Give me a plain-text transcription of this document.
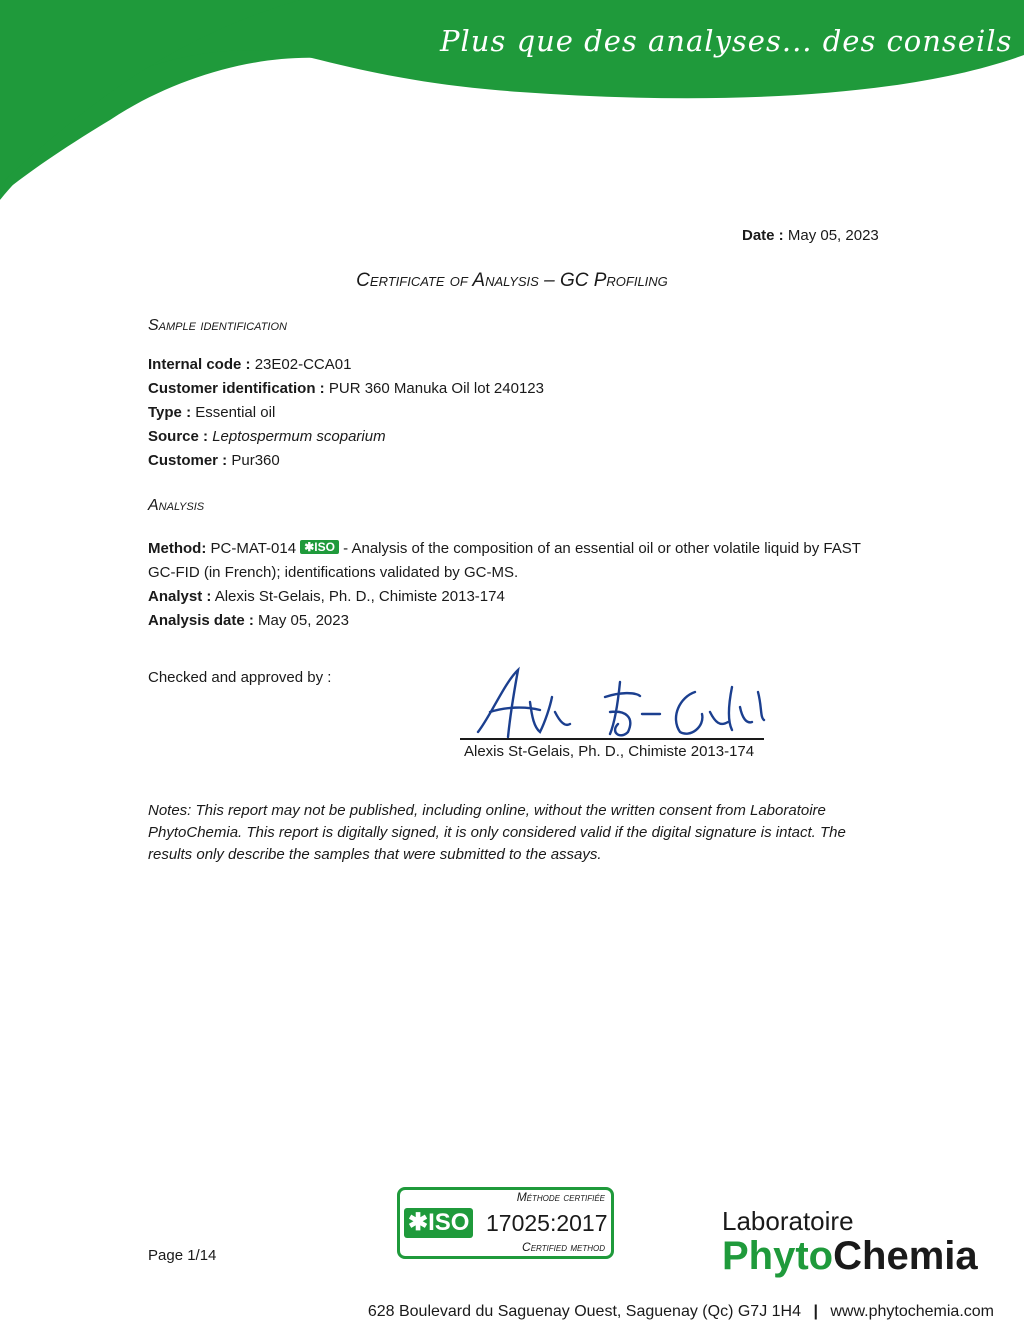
Plus que des analyses... des conseils
Date : May 05, 2023
Certificate of Analysis – GC Profiling
Sample identification
Internal code : 23E02-CCA01
Customer identification : PUR 360 Manuka Oil lot 240123
Type : Essential oil
Source : Leptospermum scoparium
Customer : Pur360
Analysis
Method: PC-MAT-014 ✱ISO - Analysis of the composition of an essential oil or other volatile liquid by FAST GC-FID (in French); identifications validated by GC-MS.
Analyst : Alexis St-Gelais, Ph. D., Chimiste 2013-174
Analysis date : May 05, 2023
Checked and approved by :
Alexis St-Gelais, Ph. D., Chimiste 2013-174
Notes: This report may not be published, including online, without the written consent from Laboratoire PhytoChemia. This report is digitally signed, it is only considered valid if the digital signature is intact. The results only describe the samples that were submitted to the assays.
Page 1/14
Méthode certifiée
✱ISO 17025:2017
Certified method
Laboratoire
PhytoChemia
628 Boulevard du Saguenay Ouest, Saguenay (Qc) G7J 1H4 | www.phytochemia.com
